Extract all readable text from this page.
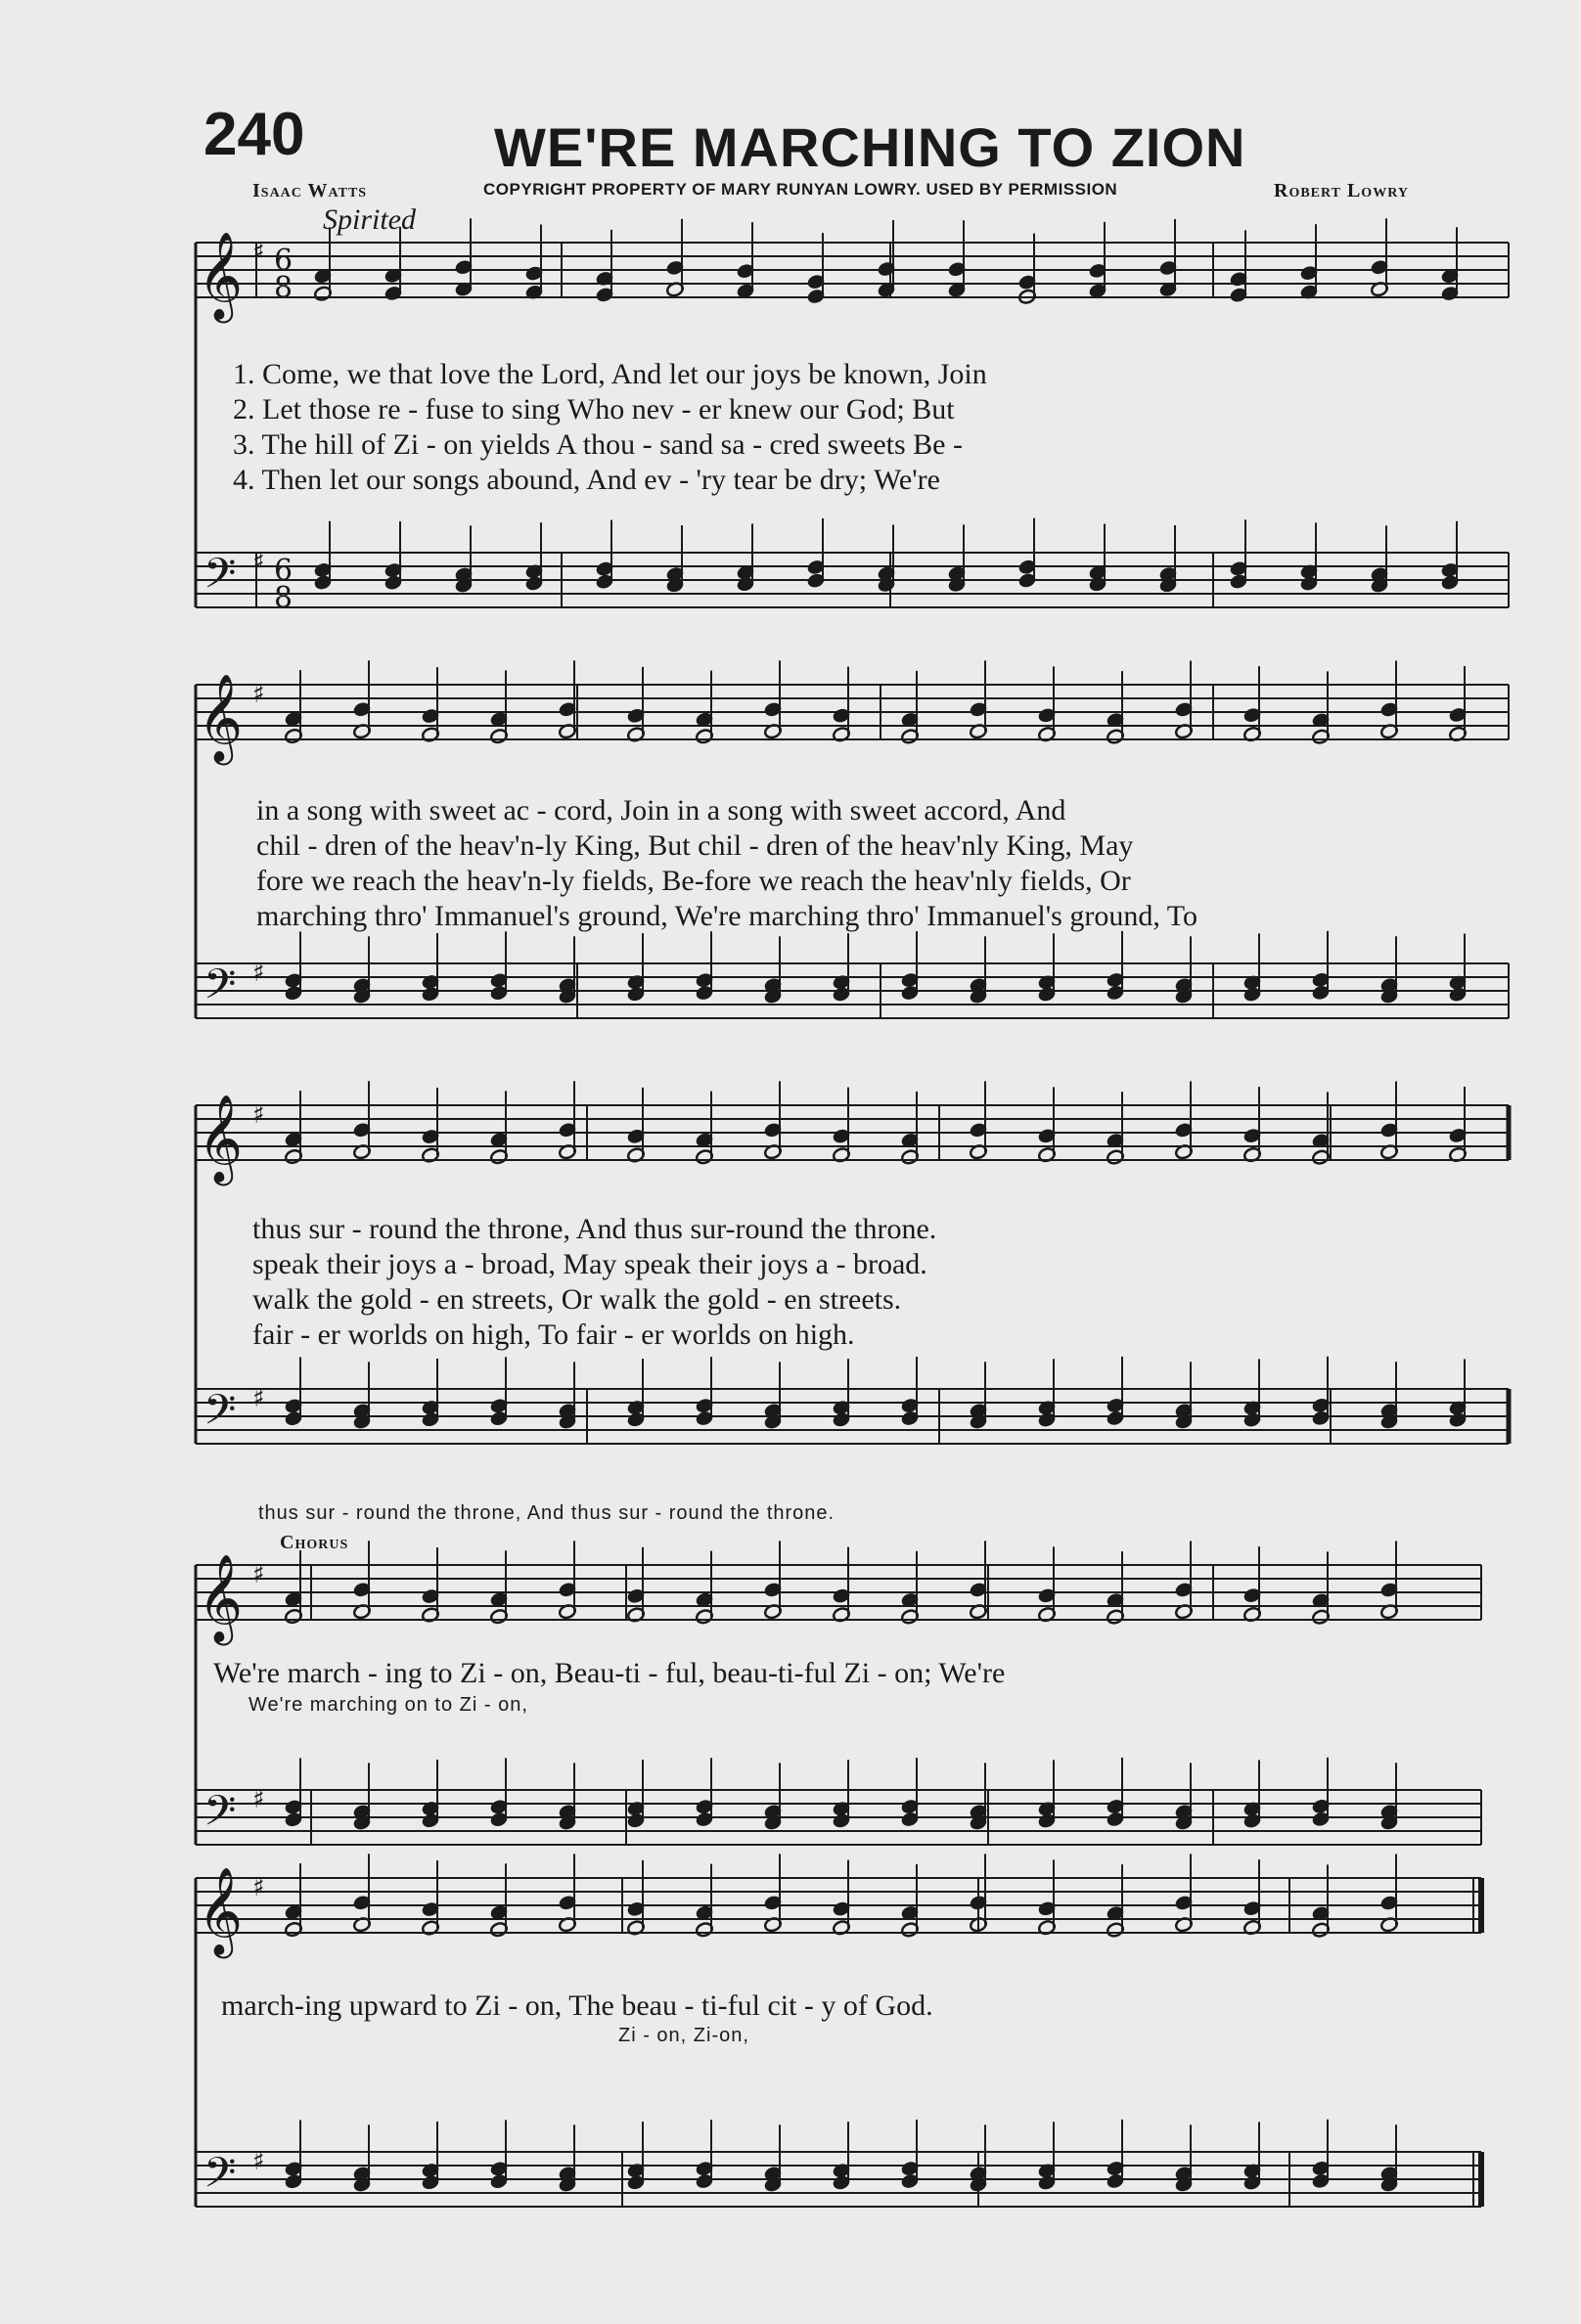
240	WE'RE MARCHING TO ZION
Isaac Watts	COPYRIGHT PROPERTY OF MARY RUNYAN LOWRY. USED BY PERMISSION	Robert Lowry
Spirited
𝄞
𝄢
♯
♯
6
8
6
8
𝄞
𝄢
♯
♯
𝄞
𝄢
♯
♯
𝄞
𝄢
♯
♯
𝄞
𝄢
♯
♯
1. Come, we that love the Lord, And let our joys be known, Join
2. Let those re - fuse to sing Who nev - er knew our God; But
3. The hill of Zi - on yields A thou - sand sa - cred sweets Be -
4. Then let our songs abound, And ev - 'ry tear be dry; We're
in a song with sweet ac - cord, Join in a song with sweet accord, And
chil - dren of the heav'n-ly King, But chil - dren of the heav'nly King, May
fore we reach the heav'n-ly fields, Be-fore we reach the heav'nly fields, Or
marching thro' Immanuel's ground, We're marching thro' Immanuel's ground, To
thus sur - round the throne, And thus sur-round the throne.
speak their joys a - broad, May speak their joys a - broad.
walk the gold - en streets, Or walk the gold - en streets.
fair - er worlds on high, To fair - er worlds on high.
thus sur - round the throne, And thus sur - round the throne.
Chorus
We're march - ing to Zi - on, Beau-ti - ful, beau-ti-ful Zi - on; We're
We're marching on to Zi - on,
march-ing upward to Zi - on, The beau - ti-ful cit - y of God.
Zi - on, Zi-on,
